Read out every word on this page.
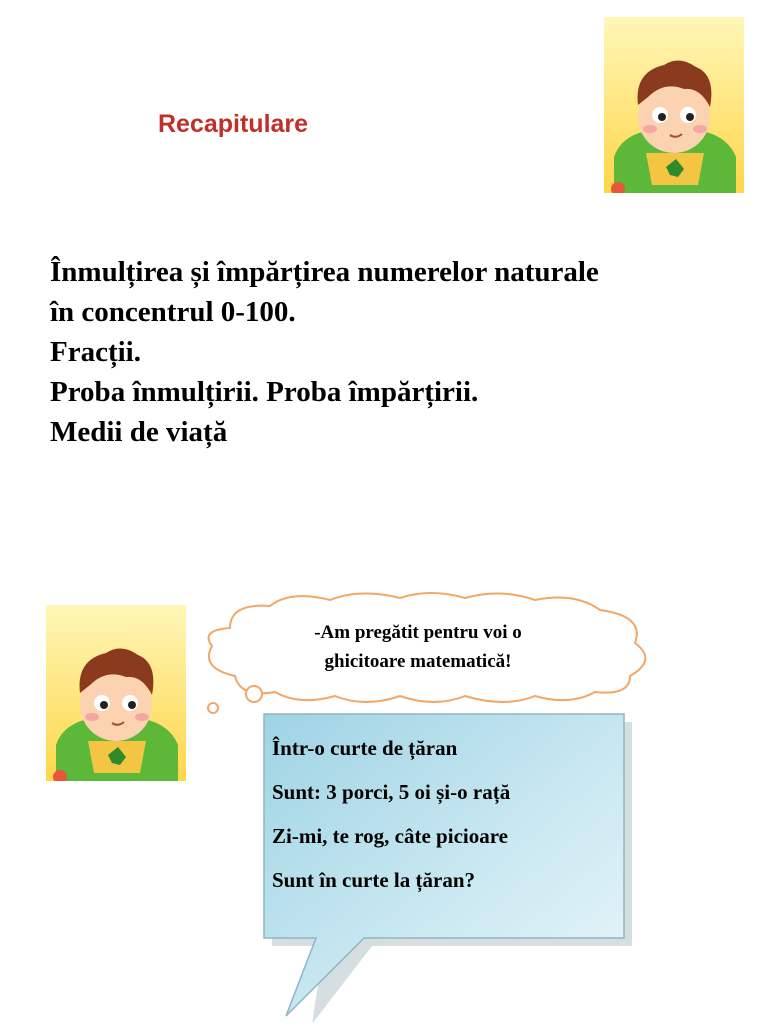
Recapitulare
Înmulțirea și împărțirea numerelor naturale
în concentrul 0-100.
Fracții.
Proba înmulțirii. Proba împărțirii.
Medii de viață
-Am pregătit pentru voi o
ghicitoare matematică!
Într-o curte de țăran
Sunt: 3 porci, 5 oi și-o rață
Zi-mi, te rog, câte picioare
Sunt în curte la țăran?
